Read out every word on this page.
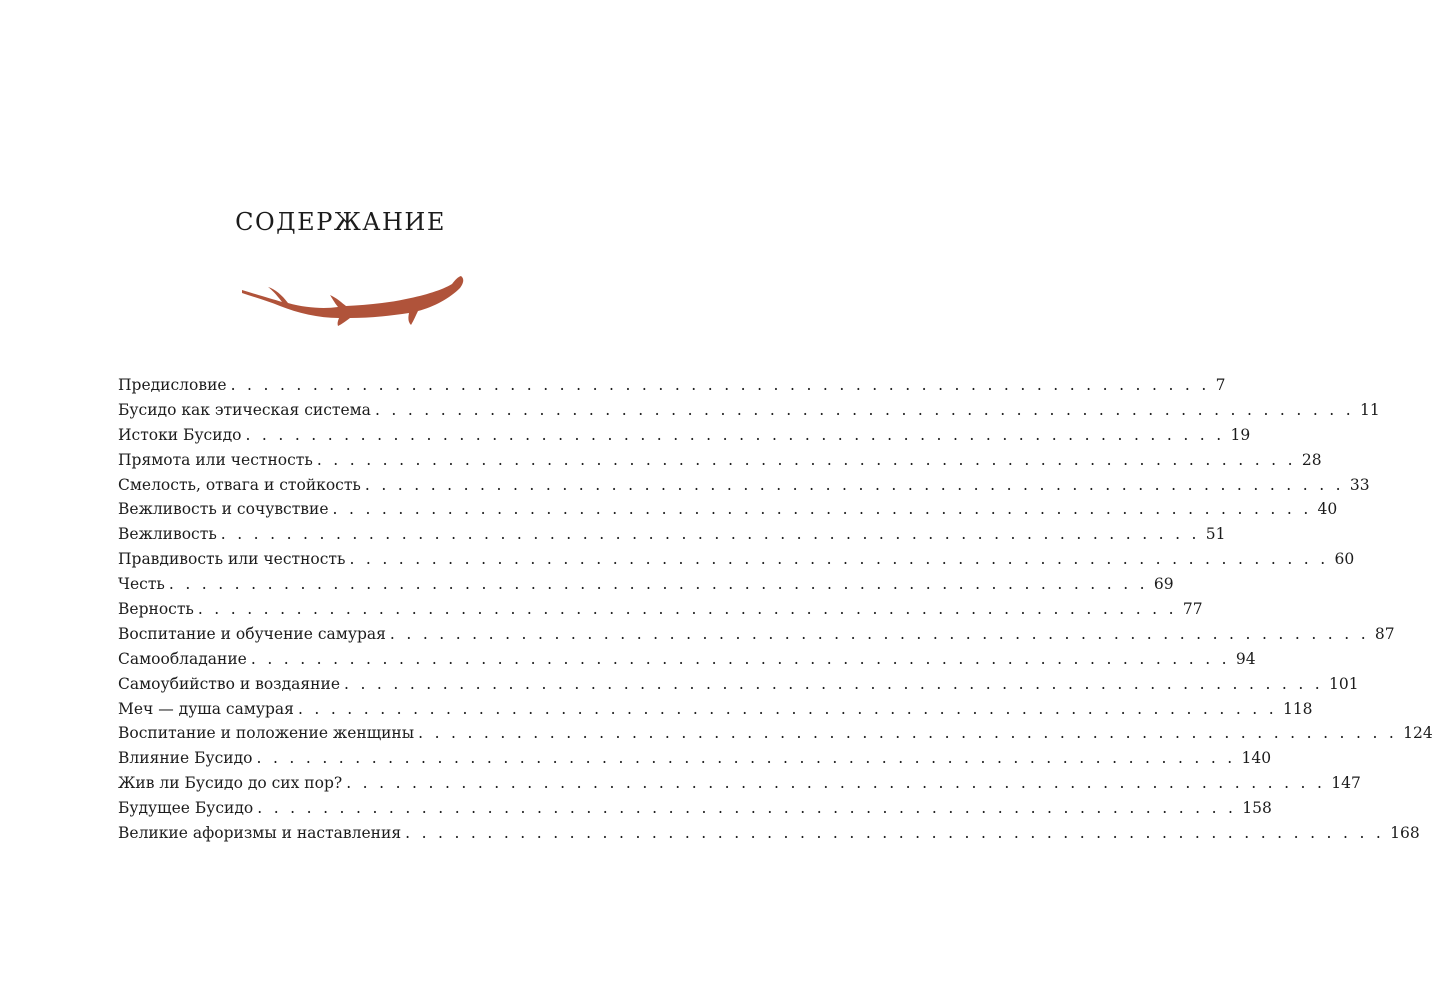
СОДЕРЖАНИЕ
Предисловие . . . . . . . . . . . . . . . . . . . . . . . . . . . . . . . . . . . . . . . . . . . . . . . . . . . . . . . . . . . . 7
Бусидо как этическая система . . . . . . . . . . . . . . . . . . . . . . . . . . . . . . . . . . . . . . . . . . . . . . . . . . . . . . . . . . . . 11
Истоки Бусидо . . . . . . . . . . . . . . . . . . . . . . . . . . . . . . . . . . . . . . . . . . . . . . . . . . . . . . . . . . . . 19
Прямота или честность . . . . . . . . . . . . . . . . . . . . . . . . . . . . . . . . . . . . . . . . . . . . . . . . . . . . . . . . . . . . 28
Смелость, отвага и стойкость . . . . . . . . . . . . . . . . . . . . . . . . . . . . . . . . . . . . . . . . . . . . . . . . . . . . . . . . . . . . 33
Вежливость и сочувствие . . . . . . . . . . . . . . . . . . . . . . . . . . . . . . . . . . . . . . . . . . . . . . . . . . . . . . . . . . . . 40
Вежливость . . . . . . . . . . . . . . . . . . . . . . . . . . . . . . . . . . . . . . . . . . . . . . . . . . . . . . . . . . . . 51
Правдивость или честность . . . . . . . . . . . . . . . . . . . . . . . . . . . . . . . . . . . . . . . . . . . . . . . . . . . . . . . . . . . . 60
Честь . . . . . . . . . . . . . . . . . . . . . . . . . . . . . . . . . . . . . . . . . . . . . . . . . . . . . . . . . . . . 69
Верность . . . . . . . . . . . . . . . . . . . . . . . . . . . . . . . . . . . . . . . . . . . . . . . . . . . . . . . . . . . . 77
Воспитание и обучение самурая . . . . . . . . . . . . . . . . . . . . . . . . . . . . . . . . . . . . . . . . . . . . . . . . . . . . . . . . . . . . 87
Самообладание . . . . . . . . . . . . . . . . . . . . . . . . . . . . . . . . . . . . . . . . . . . . . . . . . . . . . . . . . . . . 94
Самоубийство и воздаяние . . . . . . . . . . . . . . . . . . . . . . . . . . . . . . . . . . . . . . . . . . . . . . . . . . . . . . . . . . . . 101
Меч — душа самурая . . . . . . . . . . . . . . . . . . . . . . . . . . . . . . . . . . . . . . . . . . . . . . . . . . . . . . . . . . . . 118
Воспитание и положение женщины . . . . . . . . . . . . . . . . . . . . . . . . . . . . . . . . . . . . . . . . . . . . . . . . . . . . . . . . . . . . 124
Влияние Бусидо . . . . . . . . . . . . . . . . . . . . . . . . . . . . . . . . . . . . . . . . . . . . . . . . . . . . . . . . . . . . 140
Жив ли Бусидо до сих пор? . . . . . . . . . . . . . . . . . . . . . . . . . . . . . . . . . . . . . . . . . . . . . . . . . . . . . . . . . . . . 147
Будущее Бусидо . . . . . . . . . . . . . . . . . . . . . . . . . . . . . . . . . . . . . . . . . . . . . . . . . . . . . . . . . . . . 158
Великие афоризмы и наставления . . . . . . . . . . . . . . . . . . . . . . . . . . . . . . . . . . . . . . . . . . . . . . . . . . . . . . . . . . . . 168
